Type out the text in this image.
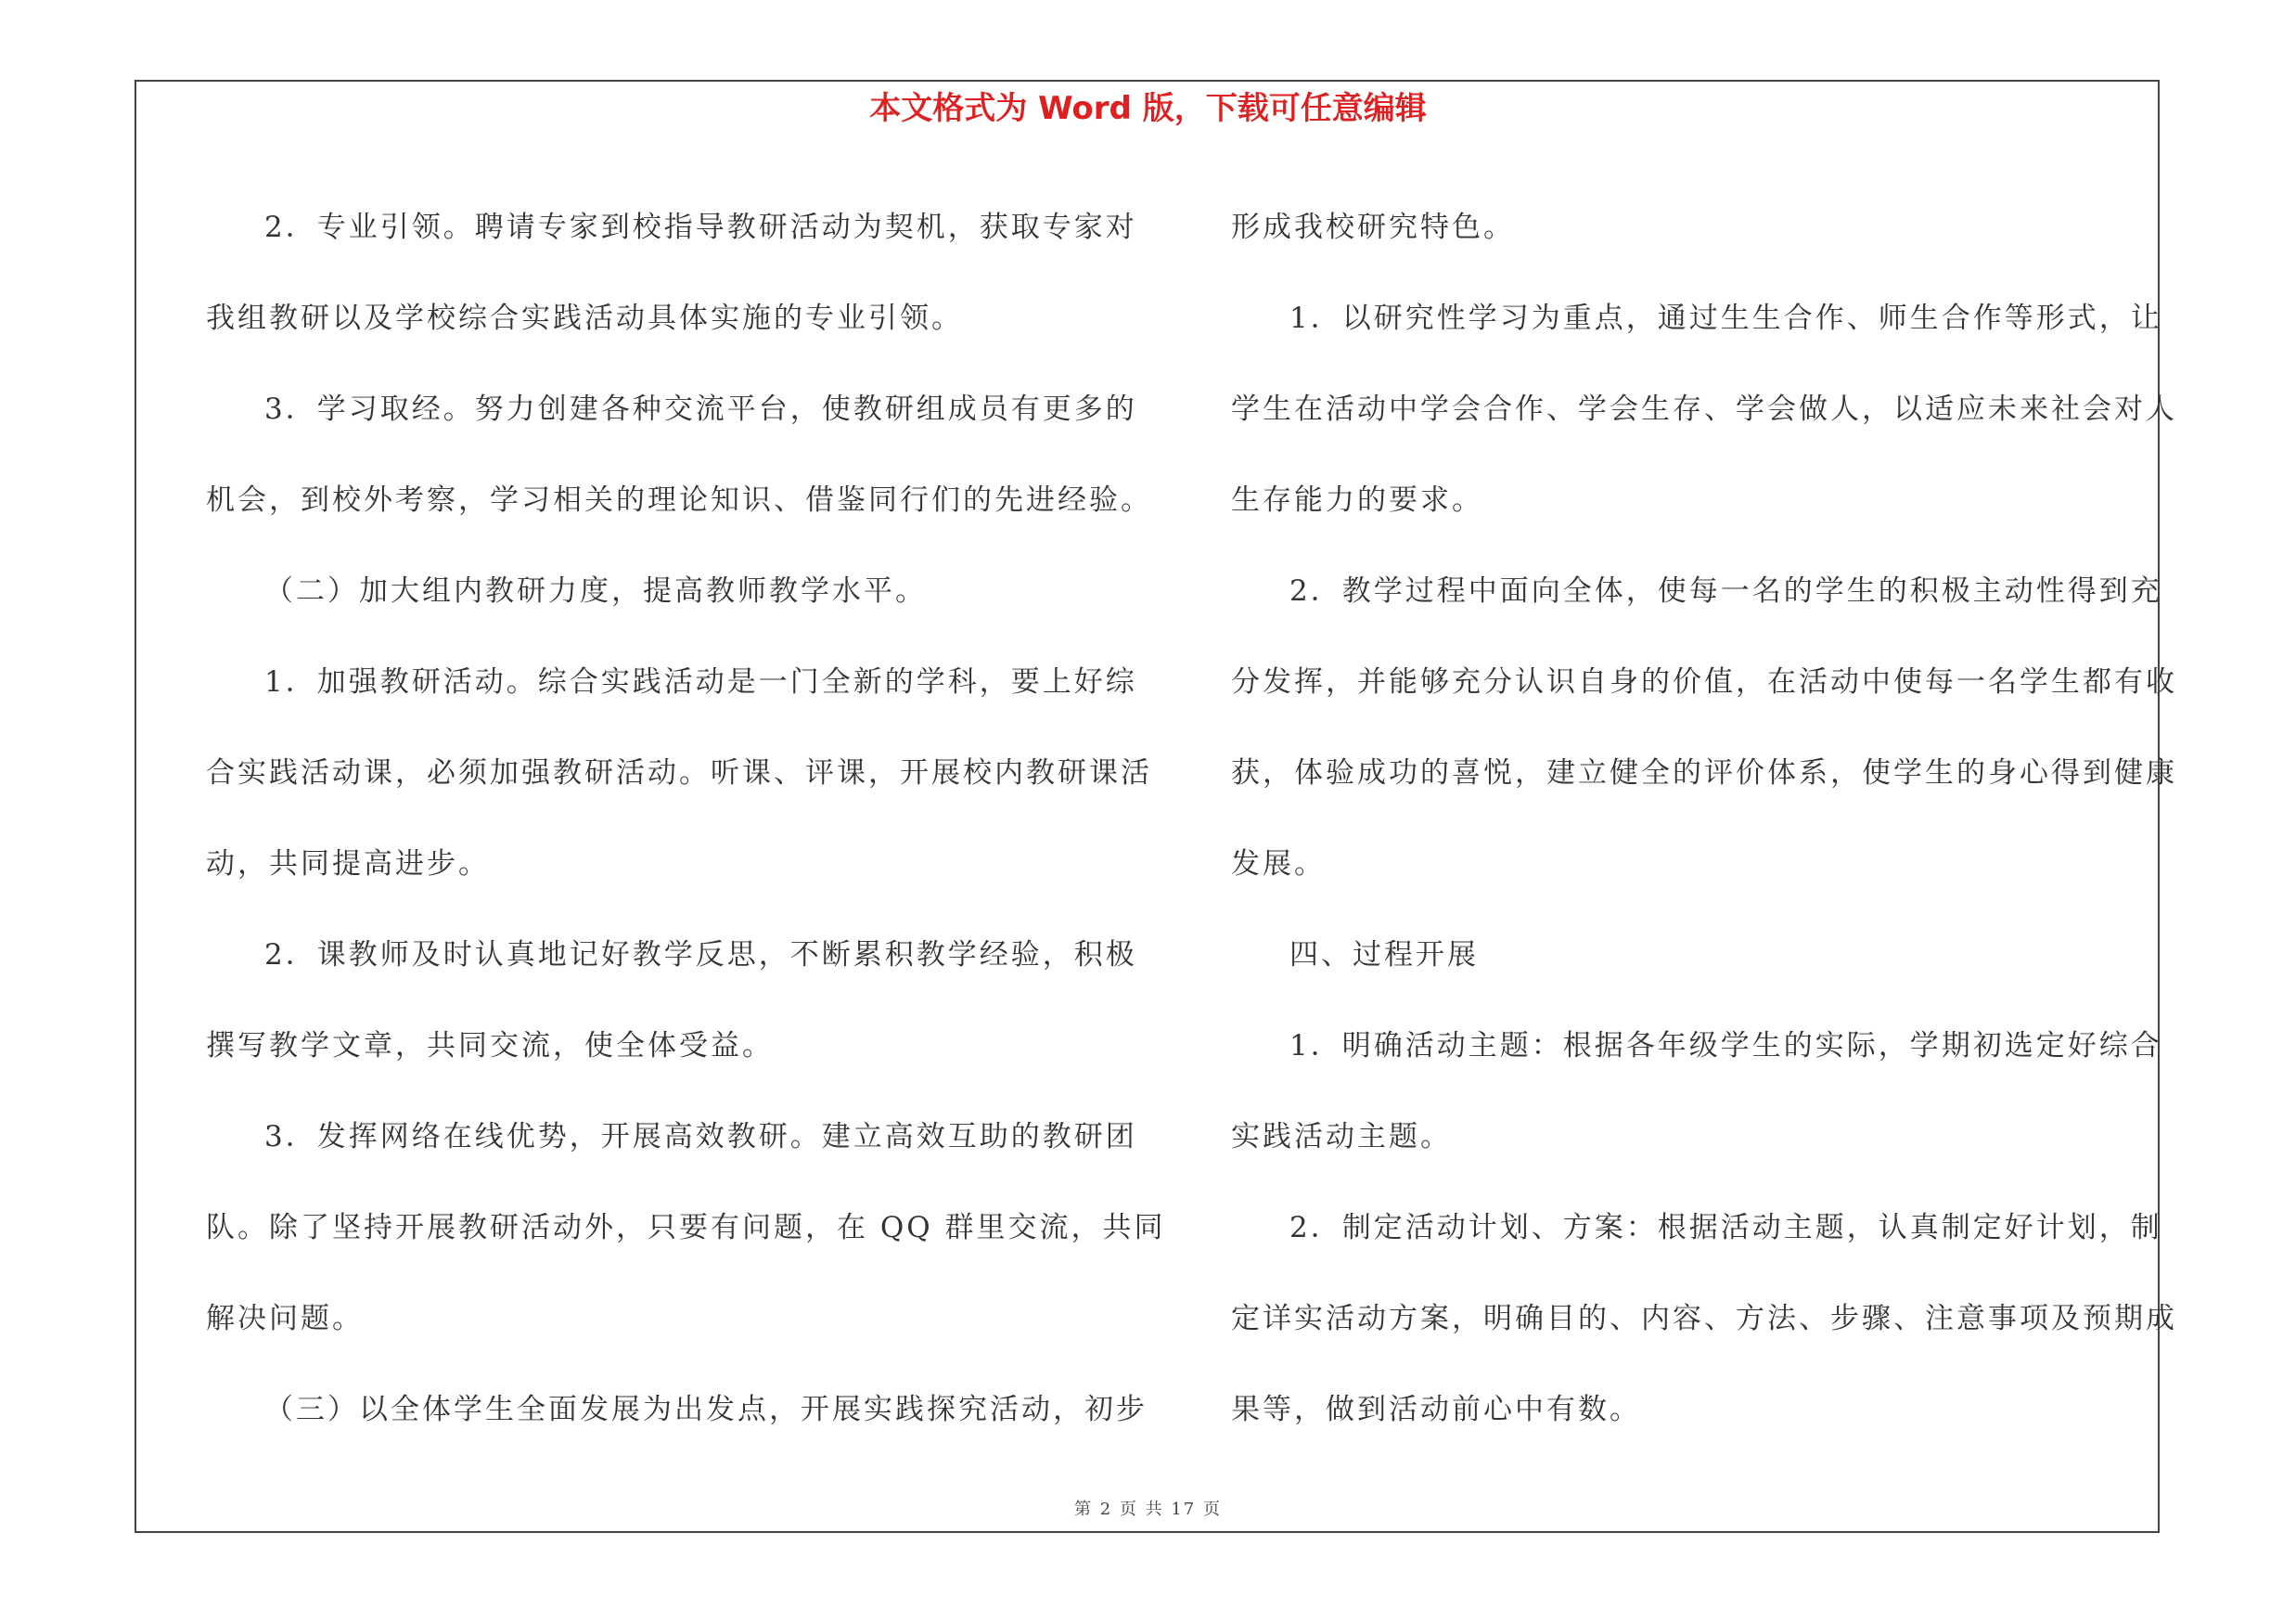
本文格式为 Word 版，下载可任意编辑

2．专业引领。聘请专家到校指导教研活动为契机，获取专家对

我组教研以及学校综合实践活动具体实施的专业引领。

3．学习取经。努力创建各种交流平台，使教研组成员有更多的

机会，到校外考察，学习相关的理论知识、借鉴同行们的先进经验。

（二）加大组内教研力度，提高教师教学水平。

1．加强教研活动。综合实践活动是一门全新的学科，要上好综

合实践活动课，必须加强教研活动。听课、评课，开展校内教研课活

动，共同提高进步。

2．课教师及时认真地记好教学反思，不断累积教学经验，积极

撰写教学文章，共同交流，使全体受益。

3．发挥网络在线优势，开展高效教研。建立高效互助的教研团

队。除了坚持开展教研活动外，只要有问题，在 QQ 群里交流，共同

解决问题。

（三）以全体学生全面发展为出发点，开展实践探究活动，初步

形成我校研究特色。

1．以研究性学习为重点，通过生生合作、师生合作等形式，让

学生在活动中学会合作、学会生存、学会做人，以适应未来社会对人

生存能力的要求。

2．教学过程中面向全体，使每一名的学生的积极主动性得到充

分发挥，并能够充分认识自身的价值，在活动中使每一名学生都有收

获，体验成功的喜悦，建立健全的评价体系，使学生的身心得到健康

发展。

四、过程开展

1．明确活动主题：根据各年级学生的实际，学期初选定好综合

实践活动主题。

2．制定活动计划、方案：根据活动主题，认真制定好计划，制

定详实活动方案，明确目的、内容、方法、步骤、注意事项及预期成

果等，做到活动前心中有数。

第 2 页 共 17 页
